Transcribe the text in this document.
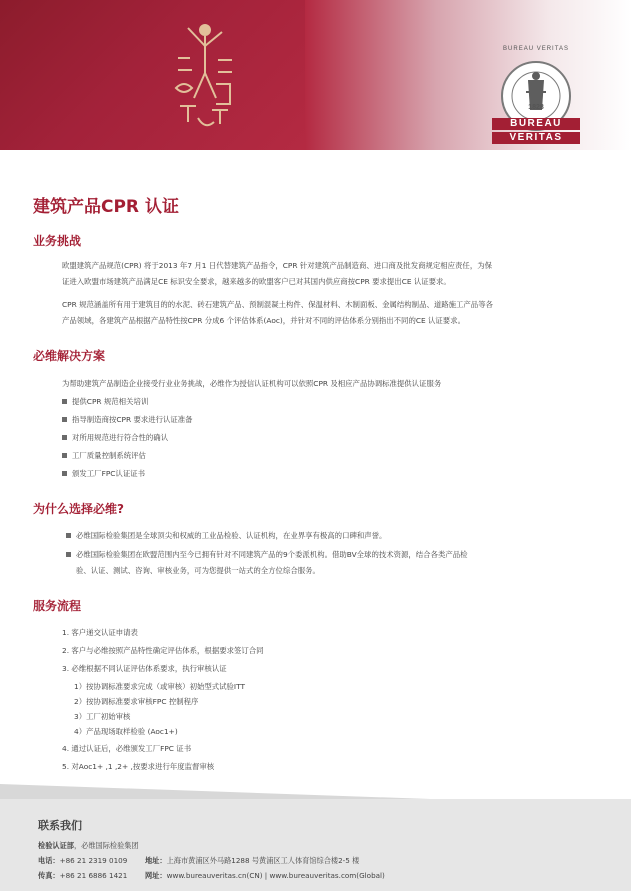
BUREAU VERITAS
1828
BUREAU
VERITAS
建筑产品CPR 认证
业务挑战
欧盟建筑产品规范(CPR) 将于2013 年7 月1 日代替建筑产品指令，CPR 针对建筑产品制造商、进口商及批发商规定相应责任，为保
证进入欧盟市场建筑产品满足CE 标识安全要求，越来越多的欧盟客户已对其国内供应商按CPR 要求提出CE 认证要求。
CPR 规范涵盖所有用于建筑目的的水泥、砖石建筑产品、预制混凝土构件、保温材料、木制面板、金属结构制品、道路施工产品等各
产品领域，各建筑产品根据产品特性按CPR 分成6 个评估体系(Aoc)，并针对不同的评估体系分别指出不同的CE 认证要求。
必维解决方案
为帮助建筑产品制造企业接受行业业务挑战，必维作为授信认证机构可以依照CPR 及相应产品协调标准提供认证服务
提供CPR 规范相关培训
指导制造商按CPR 要求进行认证准备
对所用规范进行符合性的确认
工厂质量控制系统评估
颁发工厂FPC认证证书
为什么选择必维?
必维国际检验集团是全球顶尖和权威的工业品检验、认证机构，在业界享有极高的口碑和声誉。
必维国际检验集团在欧盟范围内至今已拥有针对不同建筑产品的9个委派机构。借助BV全球的技术资源，结合各类产品检
验、认证、测试、咨询、审核业务，可为您提供一站式的全方位综合服务。
服务流程
1. 客户递交认证申请表
2. 客户与必维按照产品特性确定评估体系，根据要求签订合同
3. 必维根据不同认证评估体系要求，执行审核认证
1）按协调标准要求完成（或审核）初始型式试验ITT
2）按协调标准要求审核FPC 控制程序
3）工厂初始审核
4）产品现场取样检验 (Aoc1+)
4. 通过认证后，必维颁发工厂FPC 证书
5. 对Aoc1+ ,1 ,2+ ,按要求进行年度监督审核
联系我们
检验认证部，必维国际检验集团
电话：+86 21 2319 0109 地址：上海市黄浦区外马路1288 号黄浦区工人体育馆综合楼2-5 楼
传真：+86 21 6886 1421 网址：www.bureauveritas.cn(CN) | www.bureauveritas.com(Global)
